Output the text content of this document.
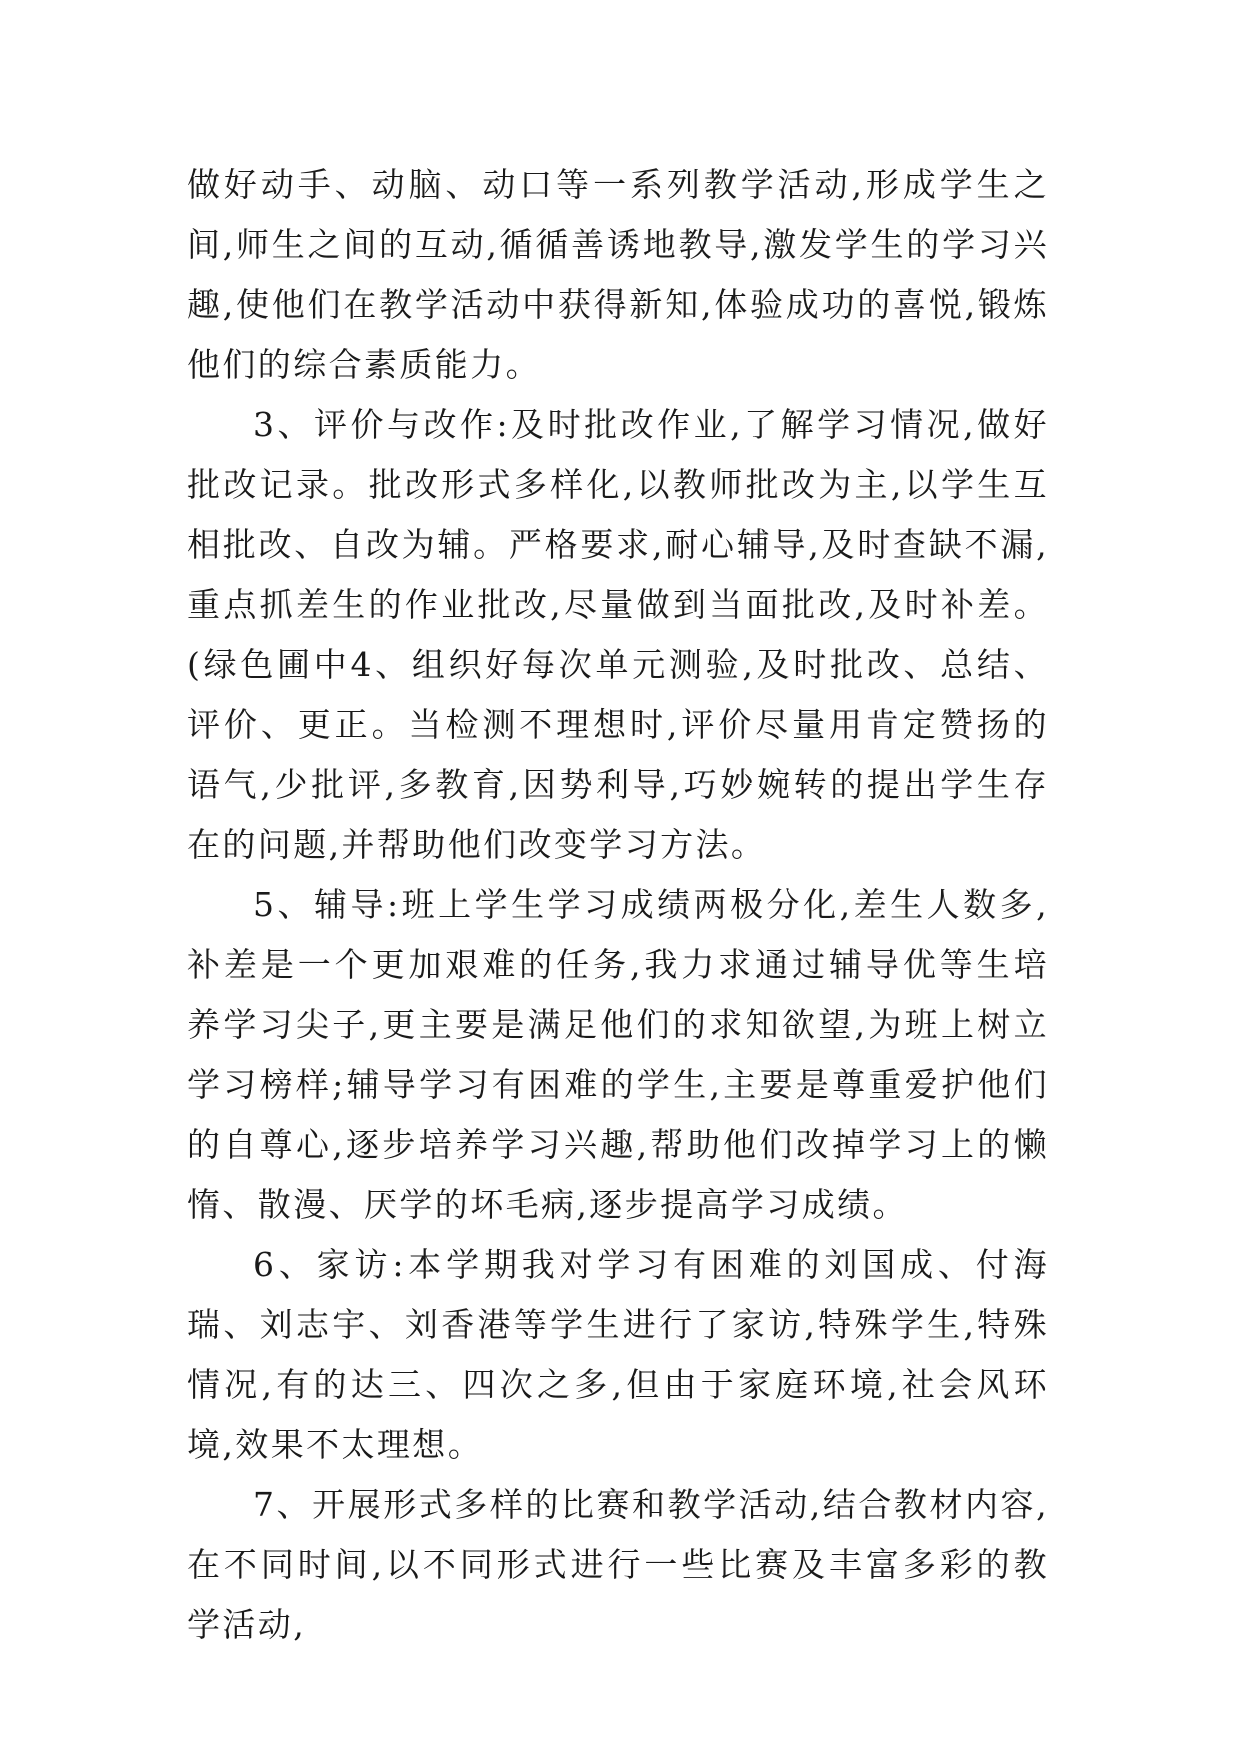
做好动手、动脑、动口等一系列教学活动,形成学生之间,师生之间的互动,循循善诱地教导,激发学生的学习兴趣,使他们在教学活动中获得新知,体验成功的喜悦,锻炼他们的综合素质能力。

3、评价与改作:及时批改作业,了解学习情况,做好批改记录。批改形式多样化,以教师批改为主,以学生互相批改、自改为辅。严格要求,耐心辅导,及时查缺不漏,重点抓差生的作业批改,尽量做到当面批改,及时补差。(绿色圃中4、组织好每次单元测验,及时批改、总结、评价、更正。当检测不理想时,评价尽量用肯定赞扬的语气,少批评,多教育,因势利导,巧妙婉转的提出学生存在的问题,并帮助他们改变学习方法。

5、辅导:班上学生学习成绩两极分化,差生人数多,补差是一个更加艰难的任务,我力求通过辅导优等生培养学习尖子,更主要是满足他们的求知欲望,为班上树立学习榜样;辅导学习有困难的学生,主要是尊重爱护他们的自尊心,逐步培养学习兴趣,帮助他们改掉学习上的懒惰、散漫、厌学的坏毛病,逐步提高学习成绩。

6、家访:本学期我对学习有困难的刘国成、付海瑞、刘志宇、刘香港等学生进行了家访,特殊学生,特殊情况,有的达三、四次之多,但由于家庭环境,社会风环境,效果不太理想。

7、开展形式多样的比赛和教学活动,结合教材内容,在不同时间,以不同形式进行一些比赛及丰富多彩的教学活动,
